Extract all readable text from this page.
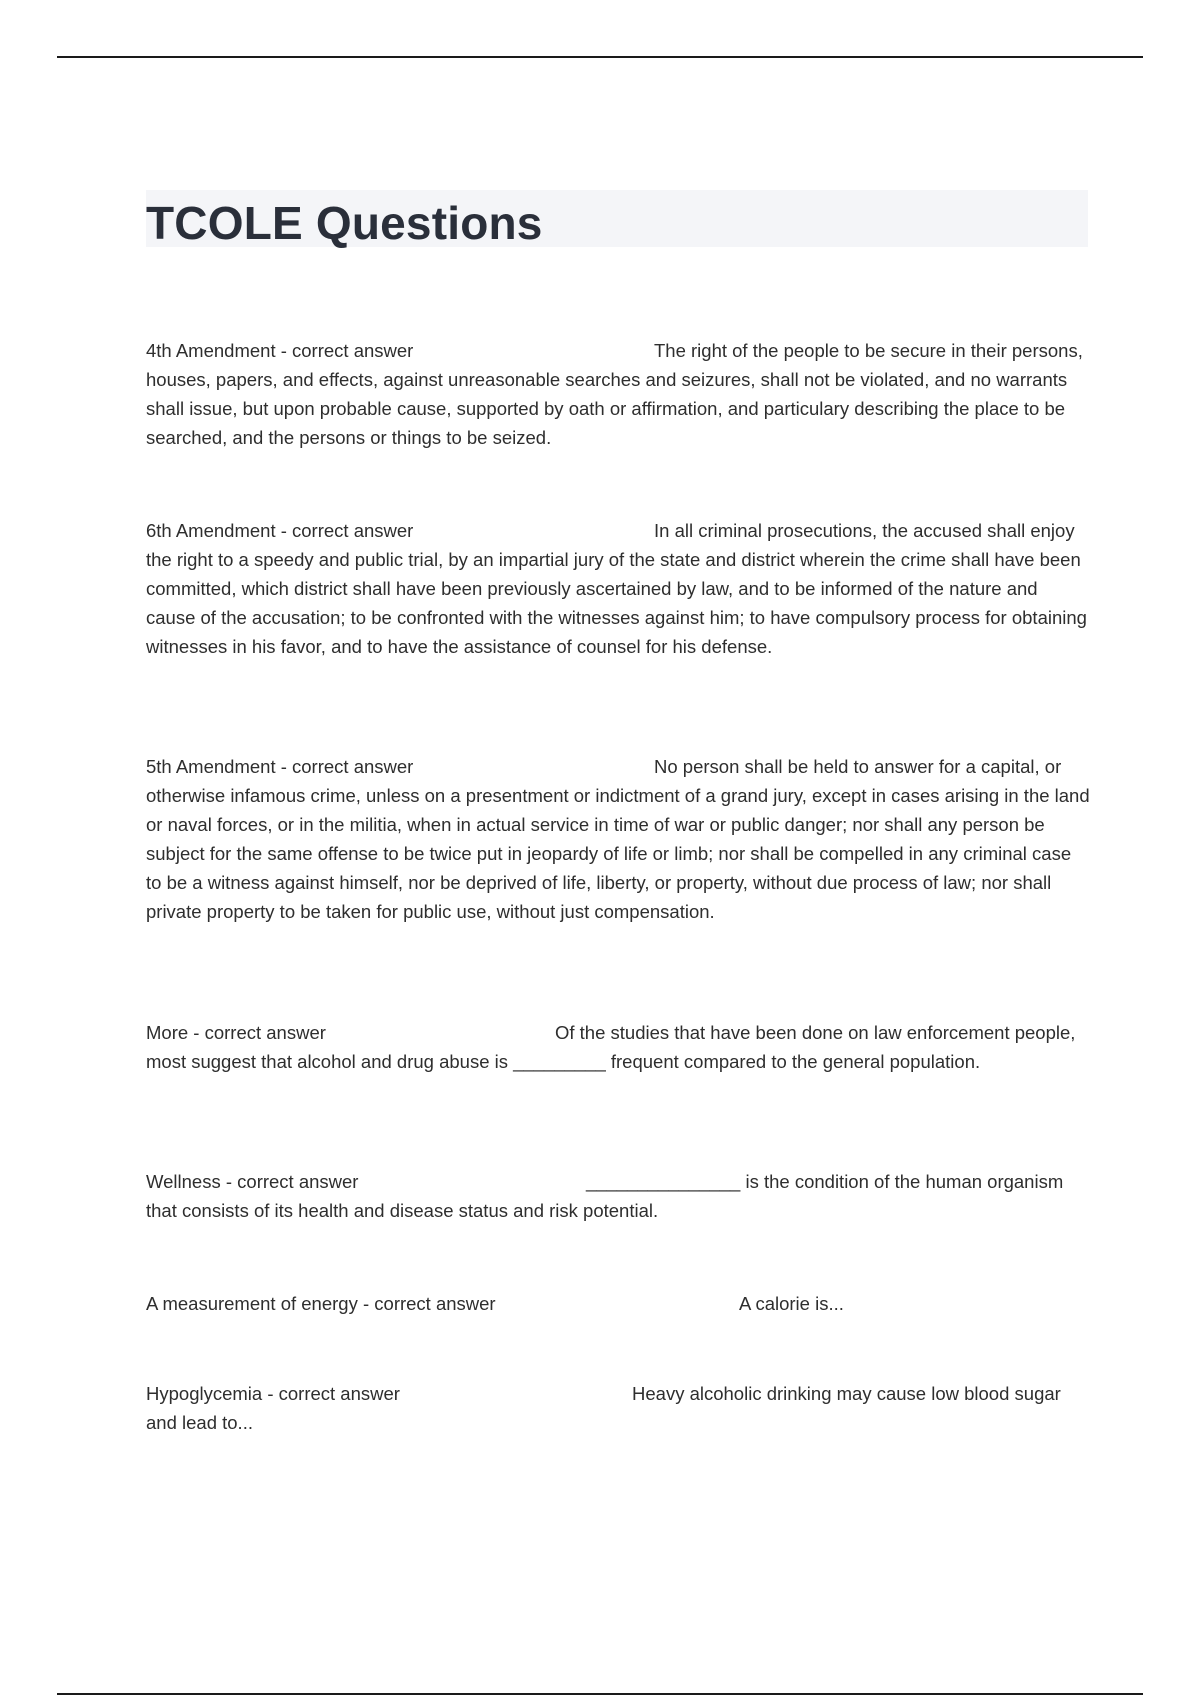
TCOLE Questions
4th Amendment - correct answer	The right of the people to be secure in their persons, houses, papers, and effects, against unreasonable searches and seizures, shall not be violated, and no warrants shall issue, but upon probable cause, supported by oath or affirmation, and particulary describing the place to be searched, and the persons or things to be seized.
6th Amendment - correct answer	In all criminal prosecutions, the accused shall enjoy the right to a speedy and public trial, by an impartial jury of the state and district wherein the crime shall have been committed, which district shall have been previously ascertained by law, and to be informed of the nature and cause of the accusation; to be confronted with the witnesses against him; to have compulsory process for obtaining witnesses in his favor, and to have the assistance of counsel for his defense.
5th Amendment - correct answer	No person shall be held to answer for a capital, or otherwise infamous crime, unless on a presentment or indictment of a grand jury, except in cases arising in the land or naval forces, or in the militia, when in actual service in time of war or public danger; nor shall any person be subject for the same offense to be twice put in jeopardy of life or limb; nor shall be compelled in any criminal case to be a witness against himself, nor be deprived of life, liberty, or property, without due process of law; nor shall private property to be taken for public use, without just compensation.
More - correct answer	Of the studies that have been done on law enforcement people, most suggest that alcohol and drug abuse is _________ frequent compared to the general population.
Wellness - correct answer	_______________ is the condition of the human organism that consists of its health and disease status and risk potential.
A measurement of energy - correct answer	A calorie is...
Hypoglycemia - correct answer	Heavy alcoholic drinking may cause low blood sugar and lead to...
